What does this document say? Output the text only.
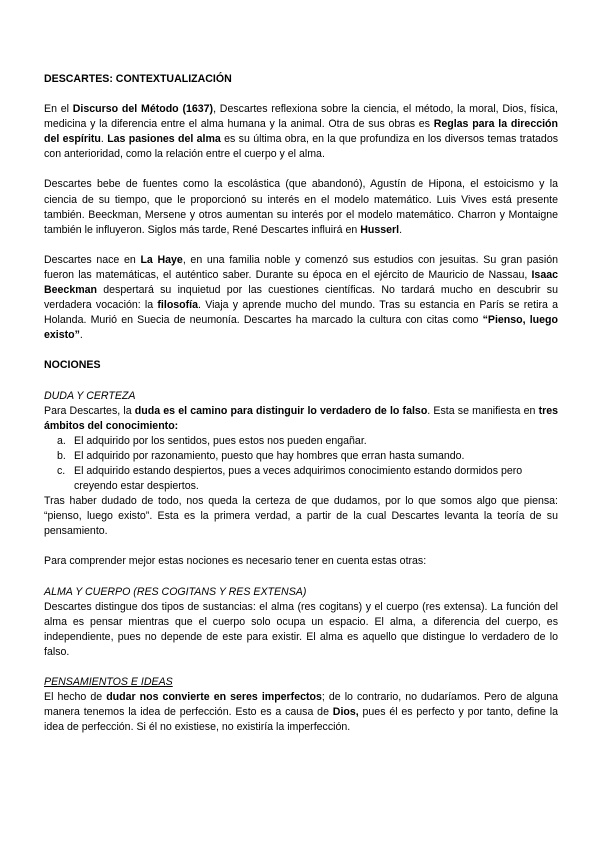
DESCARTES: CONTEXTUALIZACIÓN

En el Discurso del Método (1637), Descartes reflexiona sobre la ciencia, el método, la moral, Dios, física, medicina y la diferencia entre el alma humana y la animal. Otra de sus obras es Reglas para la dirección del espíritu. Las pasiones del alma es su última obra, en la que profundiza en los diversos temas tratados con anterioridad, como la relación entre el cuerpo y el alma.

Descartes bebe de fuentes como la escolástica (que abandonó), Agustín de Hipona, el estoicismo y la ciencia de su tiempo, que le proporcionó su interés en el modelo matemático. Luis Vives está presente también. Beeckman, Mersene y otros aumentan su interés por el modelo matemático. Charron y Montaigne también le influyeron. Siglos más tarde, René Descartes influirá en Husserl.

Descartes nace en La Haye, en una familia noble y comenzó sus estudios con jesuitas. Su gran pasión fueron las matemáticas, el auténtico saber. Durante su época en el ejército de Mauricio de Nassau, Isaac Beeckman despertará su inquietud por las cuestiones científicas. No tardará mucho en descubrir su verdadera vocación: la filosofía. Viaja y aprende mucho del mundo. Tras su estancia en París se retira a Holanda. Murió en Suecia de neumonía. Descartes ha marcado la cultura con citas como “Pienso, luego existo”.

NOCIONES

DUDA Y CERTEZA

Para Descartes, la duda es el camino para distinguir lo verdadero de lo falso. Esta se manifiesta en tres ámbitos del conocimiento:

a. El adquirido por los sentidos, pues estos nos pueden engañar.
b. El adquirido por razonamiento, puesto que hay hombres que erran hasta sumando.
c. El adquirido estando despiertos, pues a veces adquirimos conocimiento estando dormidos pero creyendo estar despiertos.

Tras haber dudado de todo, nos queda la certeza de que dudamos, por lo que somos algo que piensa: “pienso, luego existo”. Esta es la primera verdad, a partir de la cual Descartes levanta la teoría de su pensamiento.

Para comprender mejor estas nociones es necesario tener en cuenta estas otras:

ALMA Y CUERPO (RES COGITANS Y RES EXTENSA)

Descartes distingue dos tipos de sustancias: el alma (res cogitans) y el cuerpo (res extensa). La función del alma es pensar mientras que el cuerpo solo ocupa un espacio. El alma, a diferencia del cuerpo, es independiente, pues no depende de este para existir. El alma es aquello que distingue lo verdadero de lo falso.

PENSAMIENTOS E IDEAS

El hecho de dudar nos convierte en seres imperfectos; de lo contrario, no dudaríamos. Pero de alguna manera tenemos la idea de perfección. Esto es a causa de Dios, pues él es perfecto y por tanto, define la idea de perfección. Si él no existiese, no existiría la imperfección.
